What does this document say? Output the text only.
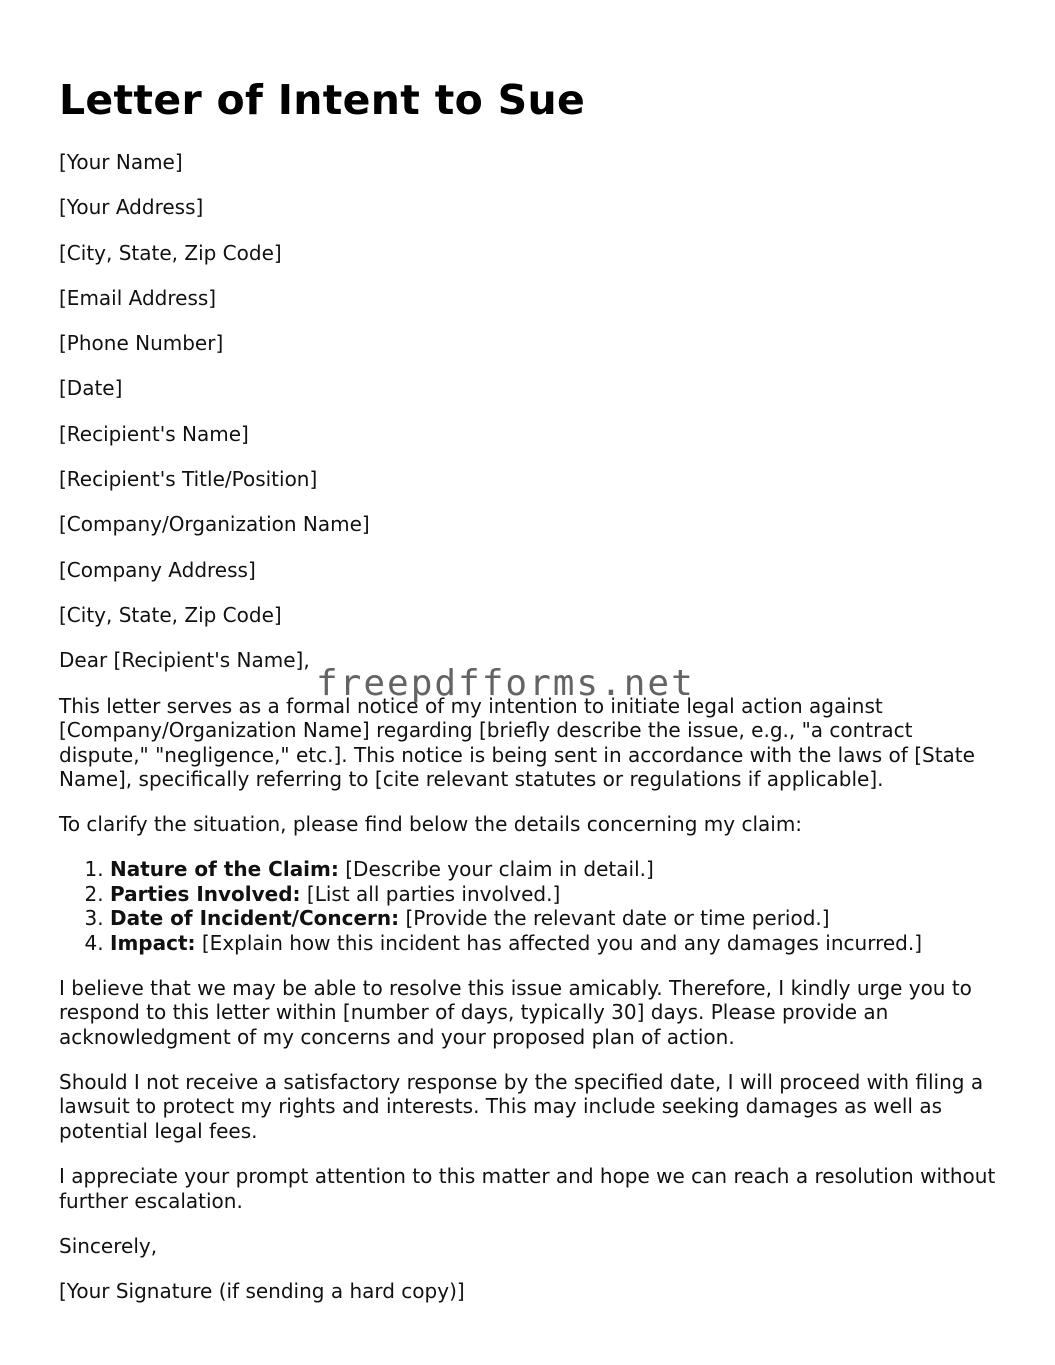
Letter of Intent to Sue
[Your Name]
[Your Address]
[City, State, Zip Code]
[Email Address]
[Phone Number]
[Date]
[Recipient's Name]
[Recipient's Title/Position]
[Company/Organization Name]
[Company Address]
[City, State, Zip Code]
Dear [Recipient's Name],

This letter serves as a formal notice of my intention to initiate legal action against [Company/Organization Name] regarding [briefly describe the issue, e.g., "a contract dispute," "negligence," etc.]. This notice is being sent in accordance with the laws of [State Name], specifically referring to [cite relevant statutes or regulations if applicable].

To clarify the situation, please find below the details concerning my claim:

1. Nature of the Claim: [Describe your claim in detail.]
2. Parties Involved: [List all parties involved.]
3. Date of Incident/Concern: [Provide the relevant date or time period.]
4. Impact: [Explain how this incident has affected you and any damages incurred.]

I believe that we may be able to resolve this issue amicably. Therefore, I kindly urge you to respond to this letter within [number of days, typically 30] days. Please provide an acknowledgment of my concerns and your proposed plan of action.

Should I not receive a satisfactory response by the specified date, I will proceed with filing a lawsuit to protect my rights and interests. This may include seeking damages as well as potential legal fees.

I appreciate your prompt attention to this matter and hope we can reach a resolution without further escalation.

Sincerely,
[Your Signature (if sending a hard copy)]
freepdfforms.net
